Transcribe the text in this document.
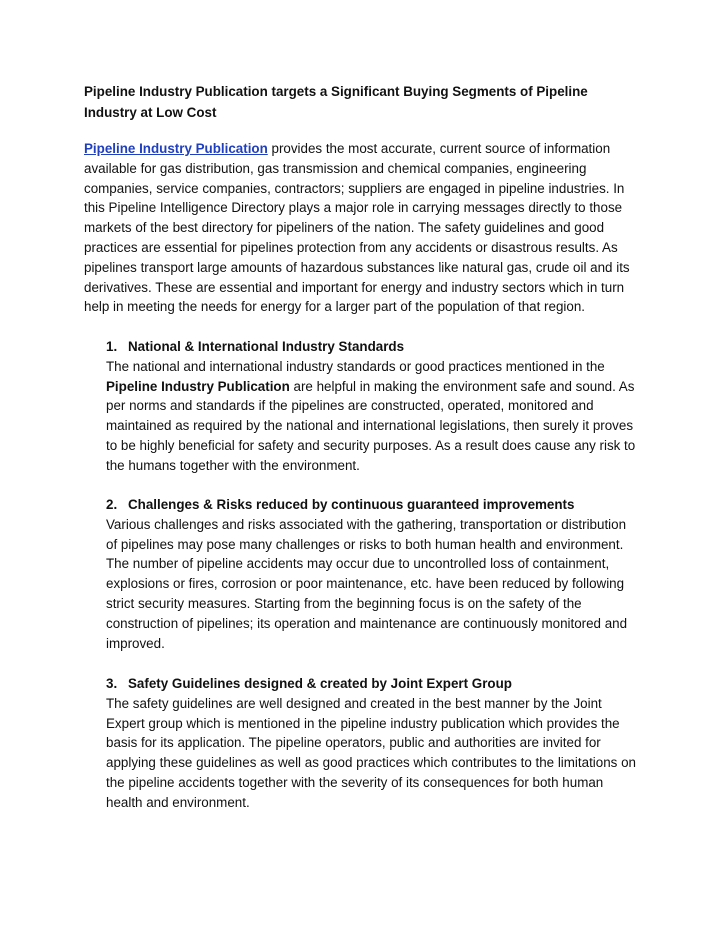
Pipeline Industry Publication targets a Significant Buying Segments of Pipeline Industry at Low Cost

Pipeline Industry Publication provides the most accurate, current source of information available for gas distribution, gas transmission and chemical companies, engineering companies, service companies, contractors; suppliers are engaged in pipeline industries. In this Pipeline Intelligence Directory plays a major role in carrying messages directly to those markets of the best directory for pipeliners of the nation. The safety guidelines and good practices are essential for pipelines protection from any accidents or disastrous results. As pipelines transport large amounts of hazardous substances like natural gas, crude oil and its derivatives. These are essential and important for energy and industry sectors which in turn help in meeting the needs for energy for a larger part of the population of that region.

1. National & International Industry Standards

The national and international industry standards or good practices mentioned in the Pipeline Industry Publication are helpful in making the environment safe and sound. As per norms and standards if the pipelines are constructed, operated, monitored and maintained as required by the national and international legislations, then surely it proves to be highly beneficial for safety and security purposes. As a result does cause any risk to the humans together with the environment.

2. Challenges & Risks reduced by continuous guaranteed improvements

Various challenges and risks associated with the gathering, transportation or distribution of pipelines may pose many challenges or risks to both human health and environment. The number of pipeline accidents may occur due to uncontrolled loss of containment, explosions or fires, corrosion or poor maintenance, etc. have been reduced by following strict security measures. Starting from the beginning focus is on the safety of the construction of pipelines; its operation and maintenance are continuously monitored and improved.

3. Safety Guidelines designed & created by Joint Expert Group

The safety guidelines are well designed and created in the best manner by the Joint Expert group which is mentioned in the pipeline industry publication which provides the basis for its application. The pipeline operators, public and authorities are invited for applying these guidelines as well as good practices which contributes to the limitations on the pipeline accidents together with the severity of its consequences for both human health and environment.
